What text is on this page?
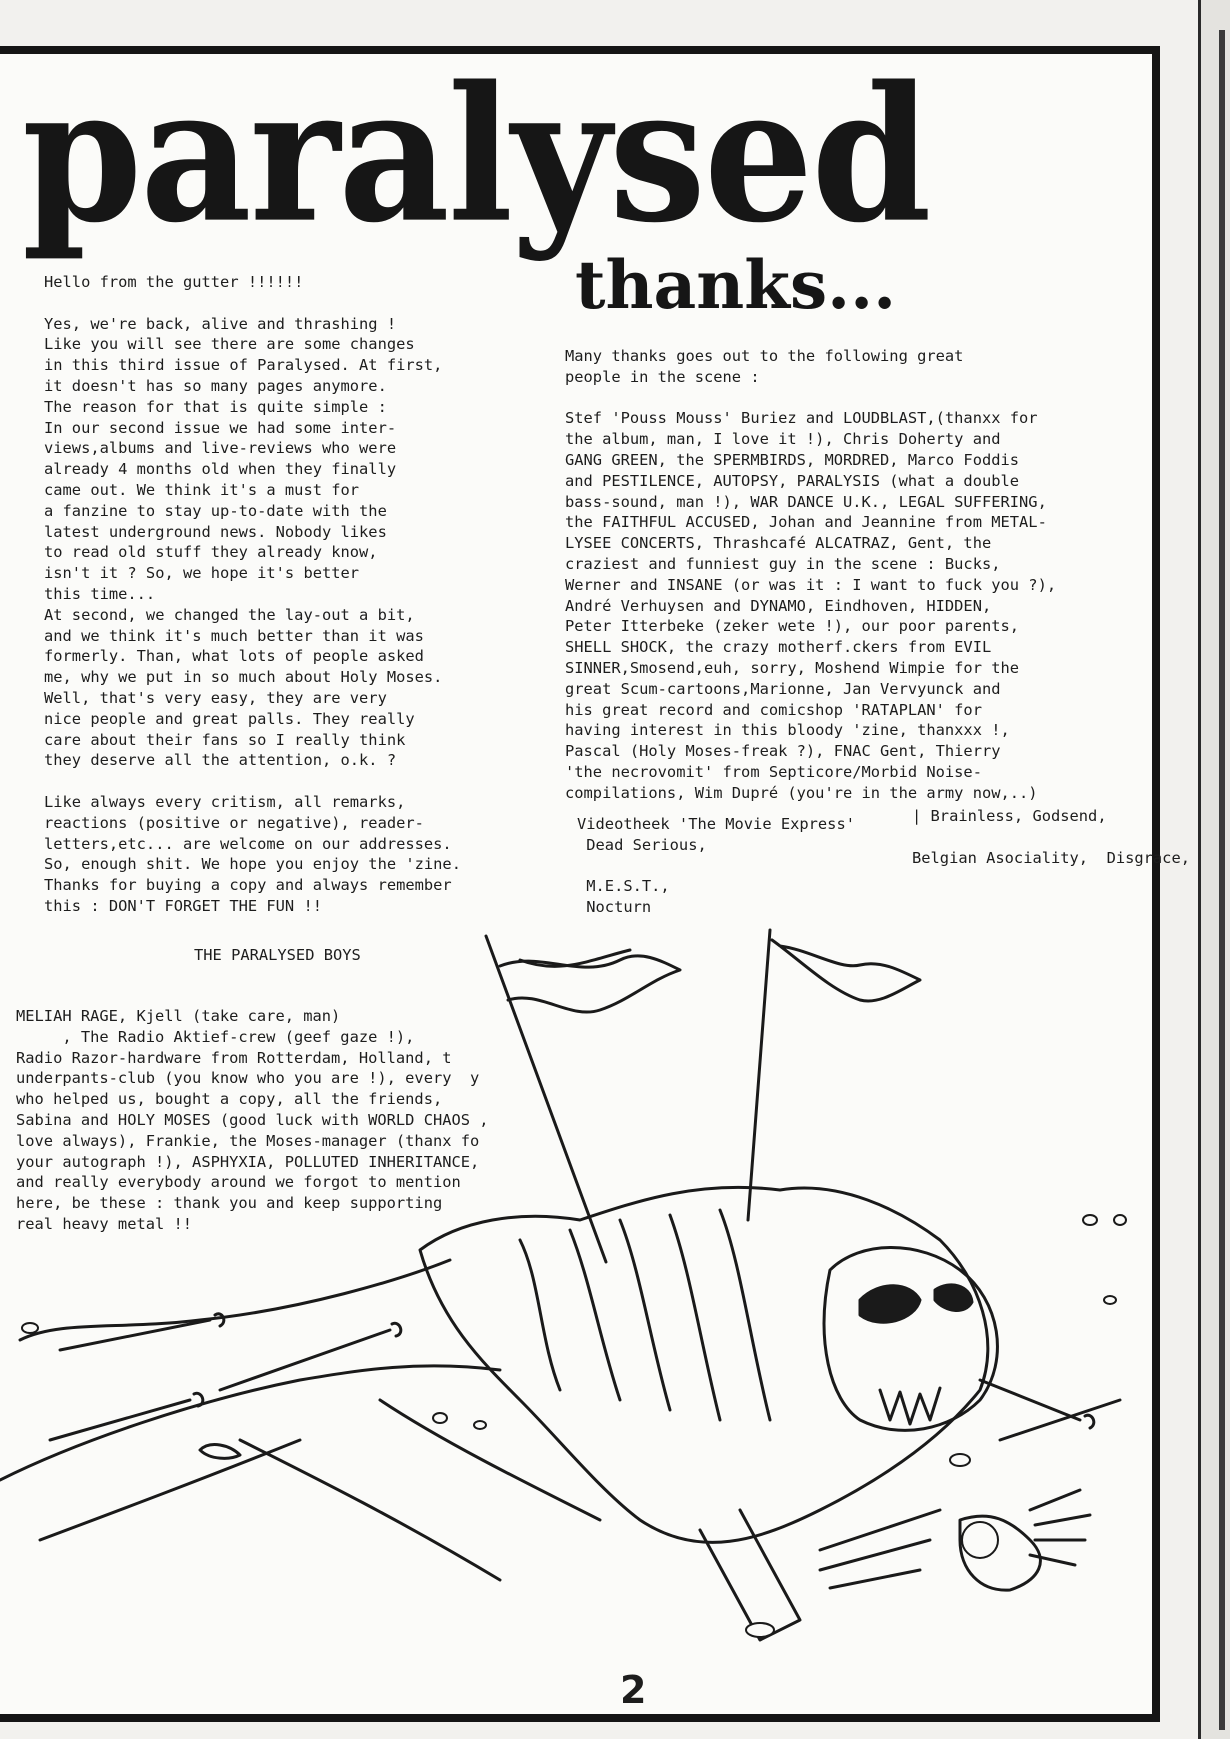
paralysed

Hello from the gutter !!!!!!

Yes, we're back, alive and thrashing !
Like you will see there are some changes
in this third issue of Paralysed. At first,
it doesn't has so many pages anymore.
The reason for that is quite simple :
In our second issue we had some inter-
views,albums and live-reviews who were
already 4 months old when they finally
came out. We think it's a must for
a fanzine to stay up-to-date with the
latest underground news. Nobody likes
to read old stuff they already know,
isn't it ? So, we hope it's better
this time...
At second, we changed the lay-out a bit,
and we think it's much better than it was
formerly. Than, what lots of people asked
me, why we put in so much about Holy Moses.
Well, that's very easy, they are very
nice people and great palls. They really
care about their fans so I really think
they deserve all the attention, o.k. ?

Like always every critism, all remarks,
reactions (positive or negative), reader-
letters,etc... are welcome on our addresses.
So, enough shit. We hope you enjoy the 'zine.
Thanks for buying a copy and always remember
this : DON'T FORGET THE FUN !!

THE PARALYSED BOYS

thanks...

Many thanks goes out to the following great
people in the scene :

Stef 'Pouss Mouss' Buriez and LOUDBLAST,(thanxx for
the album, man, I love it !), Chris Doherty and
GANG GREEN, the SPERMBIRDS, MORDRED, Marco Foddis
and PESTILENCE, AUTOPSY, PARALYSIS (what a double
bass-sound, man !), WAR DANCE U.K., LEGAL SUFFERING,
the FAITHFUL ACCUSED, Johan and Jeannine from METAL-
LYSEE CONCERTS, Thrashcafé ALCATRAZ, Gent, the
craziest and funniest guy in the scene : Bucks,
Werner and INSANE (or was it : I want to fuck you ?),
André Verhuysen and DYNAMO, Eindhoven, HIDDEN,
Peter Itterbeke (zeker wete !), our poor parents,
SHELL SHOCK, the crazy motherf.ckers from EVIL
SINNER,Smosend,euh, sorry, Moshend Wimpie for the
great Scum-cartoons,Marionne, Jan Vervyunck and
his great record and comicshop 'RATAPLAN' for
having interest in this bloody 'zine, thanxxx !,
Pascal (Holy Moses-freak ?), FNAC Gent, Thierry
'the necrovomit' from Septicore/Morbid Noise-
compilations, Wim Dupré (you're in the army now,..)

Videotheek 'The Movie Express'
Dead Serious,

M.E.S.T.,
Nocturn

| Brainless, Godsend,

Belgian Asociality,  Disgrace,

MELIAH RAGE, Kjell (take care, man)
, The Radio Aktief-crew (geef gaze !),
Radio Razor-hardware from Rotterdam, Holland, t
underpants-club (you know who you are !), every  y
who helped us, bought a copy, all the friends,
Sabina and HOLY MOSES (good luck with WORLD CHAOS ,
love always), Frankie, the Moses-manager (thanx fo
your autograph !), ASPHYXIA, POLLUTED INHERITANCE,
and really everybody around we forgot to mention
here, be these : thank you and keep supporting
real heavy metal !!

2
